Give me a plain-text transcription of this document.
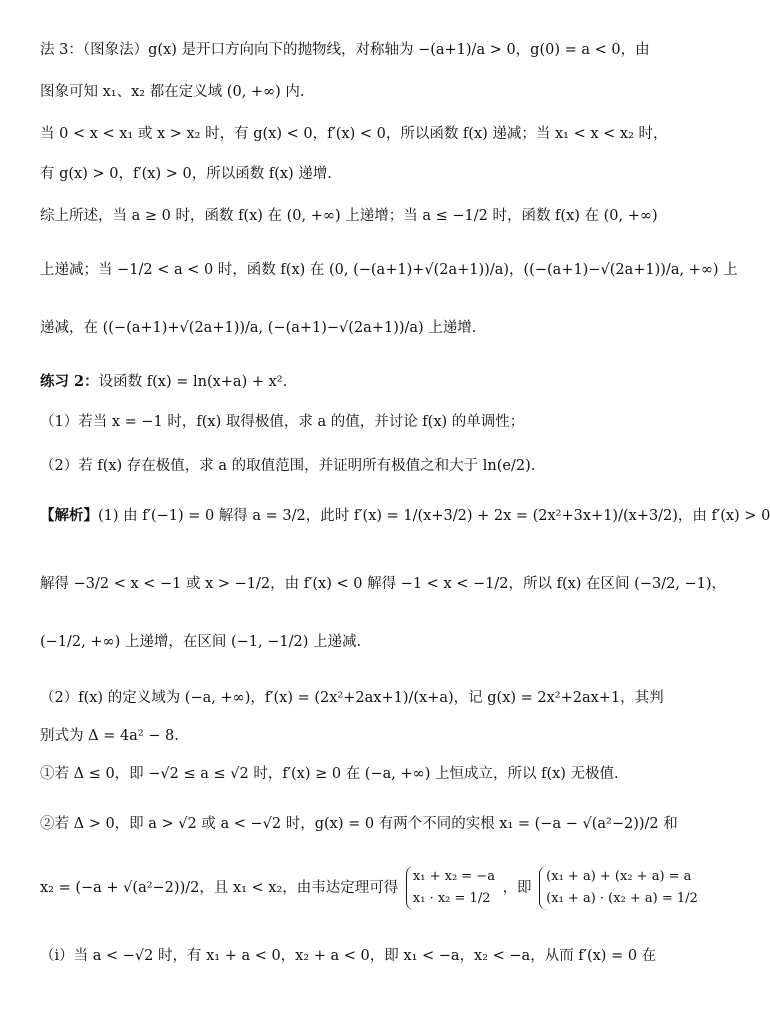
法 3：（图象法）g(x) 是开口方向向下的抛物线，对称轴为 −(a+1)/a > 0，g(0) = a < 0，由
图象可知 x₁、x₂ 都在定义域 (0, +∞) 内.
当 0 < x < x₁ 或 x > x₂ 时，有 g(x) < 0，f′(x) < 0，所以函数 f(x) 递减；当 x₁ < x < x₂ 时，
有 g(x) > 0，f′(x) > 0，所以函数 f(x) 递增.
综上所述，当 a ≥ 0 时，函数 f(x) 在 (0, +∞) 上递增；当 a ≤ −1/2 时，函数 f(x) 在 (0, +∞)
上递减；当 −1/2 < a < 0 时，函数 f(x) 在 (0, (−(a+1)+√(2a+1))/a)，((−(a+1)−√(2a+1))/a, +∞) 上
递减，在 ((−(a+1)+√(2a+1))/a, (−(a+1)−√(2a+1))/a) 上递增.
练习 2：设函数 f(x) = ln(x+a) + x².
（1）若当 x = −1 时，f(x) 取得极值，求 a 的值，并讨论 f(x) 的单调性；
（2）若 f(x) 存在极值，求 a 的取值范围，并证明所有极值之和大于 ln(e/2).
【解析】(1) 由 f′(−1) = 0 解得 a = 3/2，此时 f′(x) = 1/(x+3/2) + 2x = (2x²+3x+1)/(x+3/2)，由 f′(x) > 0
解得 −3/2 < x < −1 或 x > −1/2，由 f′(x) < 0 解得 −1 < x < −1/2，所以 f(x) 在区间 (−3/2, −1)，
(−1/2, +∞) 上递增，在区间 (−1, −1/2) 上递减.
（2）f(x) 的定义域为 (−a, +∞)，f′(x) = (2x²+2ax+1)/(x+a)，记 g(x) = 2x²+2ax+1，其判
别式为 Δ = 4a² − 8.
①若 Δ ≤ 0，即 −√2 ≤ a ≤ √2 时，f′(x) ≥ 0 在 (−a, +∞) 上恒成立，所以 f(x) 无极值.
②若 Δ > 0，即 a > √2 或 a < −√2 时，g(x) = 0 有两个不同的实根 x₁ = (−a − √(a²−2))/2 和
x₂ = (−a + √(a²−2))/2，且 x₁ < x₂，由韦达定理可得
x₁ + x₂ = −a
x₁ · x₂ = 1/2
，即
(x₁ + a) + (x₂ + a) = a
(x₁ + a) · (x₂ + a) = 1/2
（i）当 a < −√2 时，有 x₁ + a < 0，x₂ + a < 0，即 x₁ < −a，x₂ < −a，从而 f′(x) = 0 在
